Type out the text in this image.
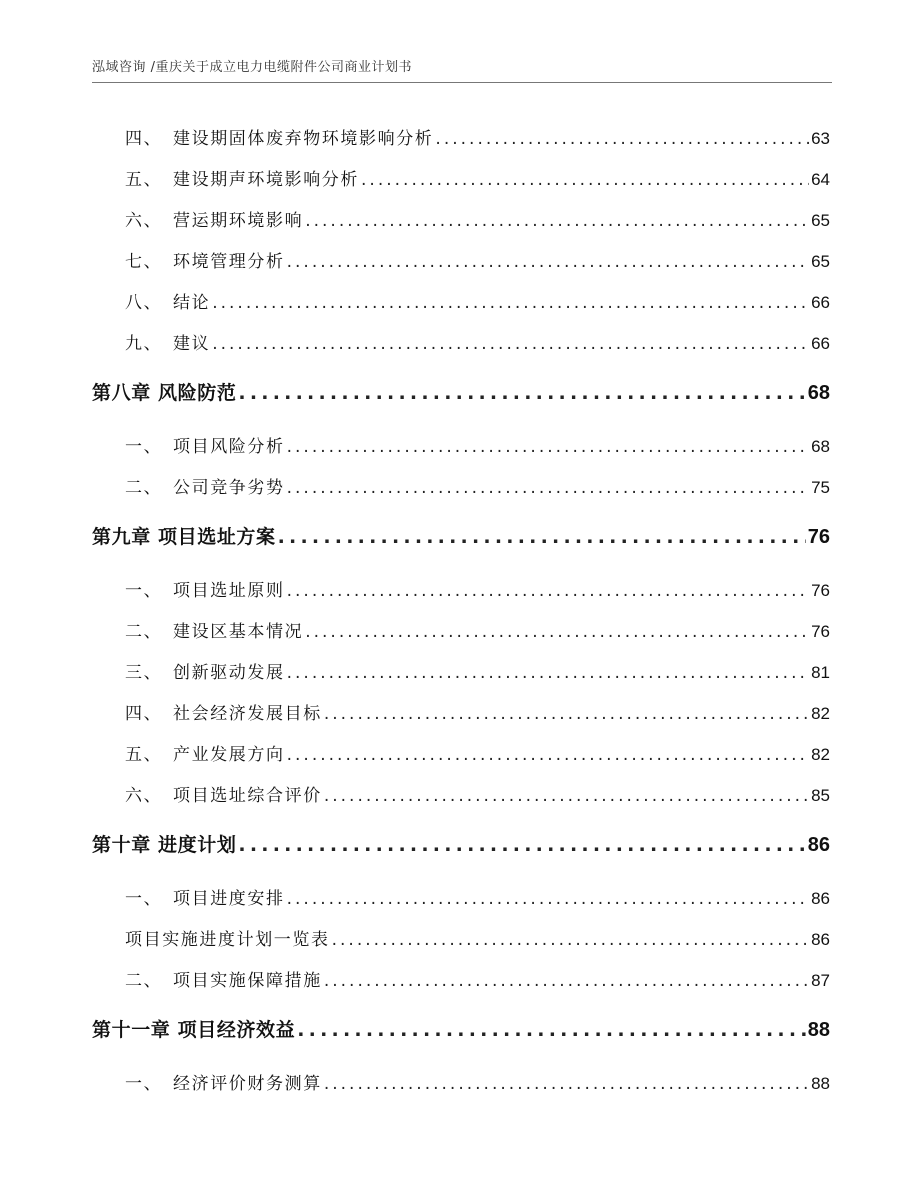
泓域咨询 /重庆关于成立电力电缆附件公司商业计划书
四、 建设期固体废弃物环境影响分析 . . .	63
五、 建设期声环境影响分析 . . .	64
六、 营运期环境影响 . . .	65
七、 环境管理分析 . . .	65
八、 结论 . . .	66
九、 建议 . . .	66
第八章 风险防范 . . .	68
一、 项目风险分析 . . .	68
二、 公司竞争劣势 . . .	75
第九章 项目选址方案 . . .	76
一、 项目选址原则 . . .	76
二、 建设区基本情况 . . .	76
三、 创新驱动发展 . . .	81
四、 社会经济发展目标 . . .	82
五、 产业发展方向 . . .	82
六、 项目选址综合评价 . . .	85
第十章 进度计划 . . .	86
一、 项目进度安排 . . .	86
项目实施进度计划一览表 . . .	86
二、 项目实施保障措施 . . .	87
第十一章 项目经济效益 . . .	88
一、 经济评价财务测算 . . .	88
